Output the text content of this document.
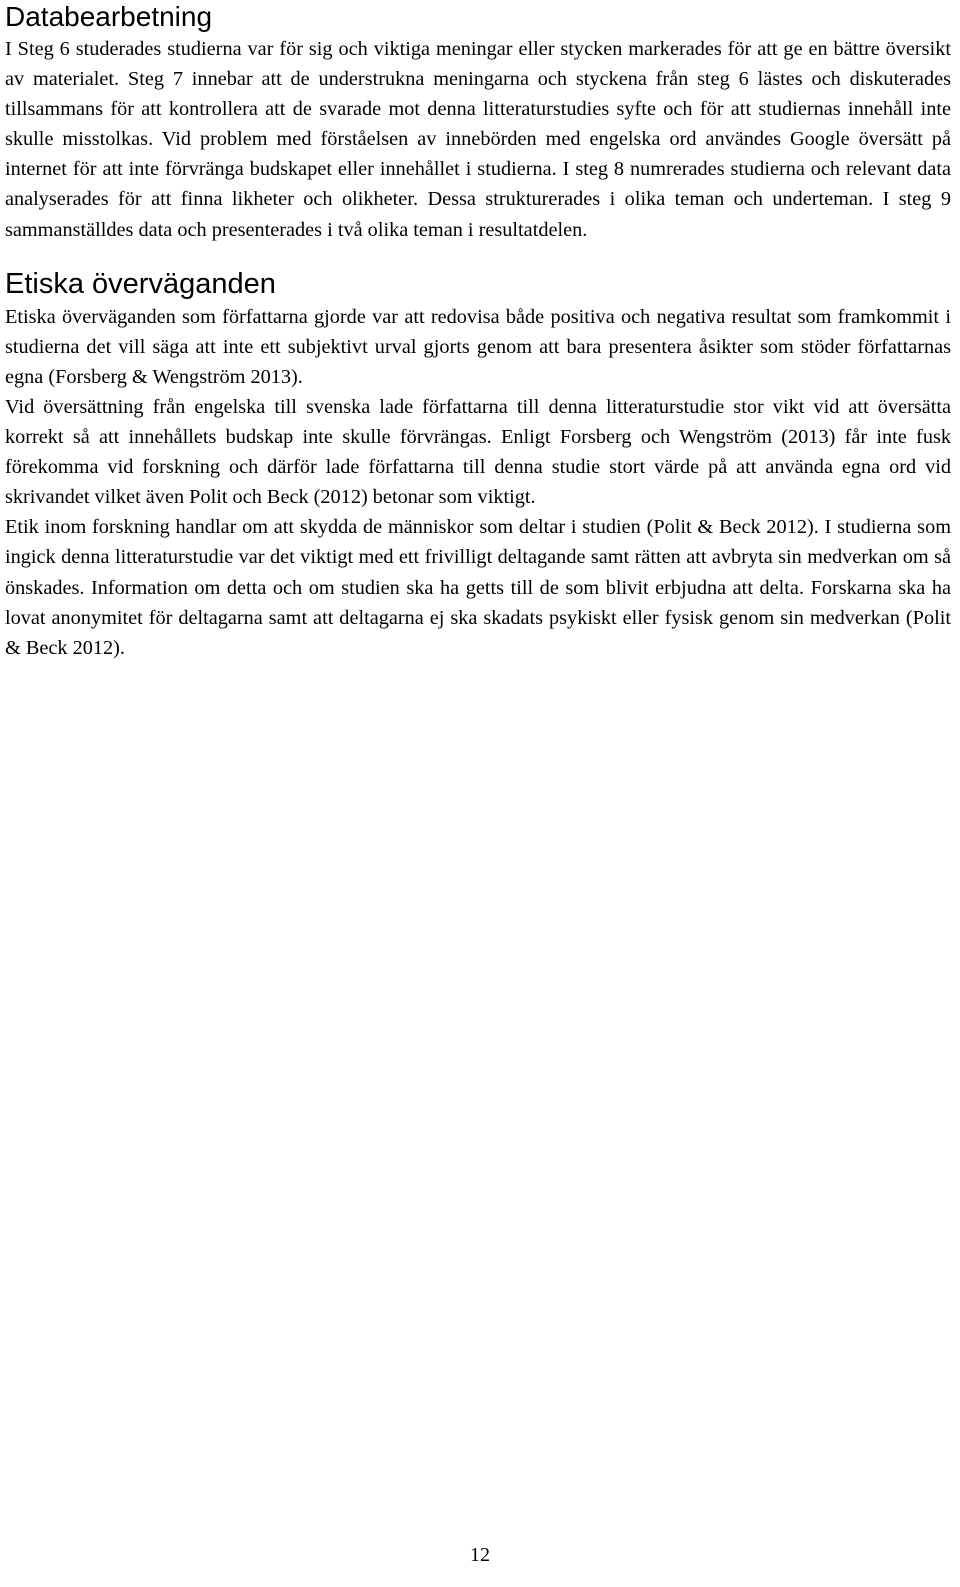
Databearbetning

I Steg 6 studerades studierna var för sig och viktiga meningar eller stycken markerades för att ge en bättre översikt av materialet. Steg 7 innebar att de understrukna meningarna och styckena från steg 6 lästes och diskuterades tillsammans för att kontrollera att de svarade mot denna litteraturstudies syfte och för att studiernas innehåll inte skulle misstolkas. Vid problem med förståelsen av innebörden med engelska ord användes Google översätt på internet för att inte förvränga budskapet eller innehållet i studierna. I steg 8 numrerades studierna och relevant data analyserades för att finna likheter och olikheter. Dessa strukturerades i olika teman och underteman. I steg 9 sammanställdes data och presenterades i två olika teman i resultatdelen.

Etiska överväganden

Etiska överväganden som författarna gjorde var att redovisa både positiva och negativa resultat som framkommit i studierna det vill säga att inte ett subjektivt urval gjorts genom att bara presentera åsikter som stöder författarnas egna (Forsberg & Wengström 2013).

Vid översättning från engelska till svenska lade författarna till denna litteraturstudie stor vikt vid att översätta korrekt så att innehållets budskap inte skulle förvrängas. Enligt Forsberg och Wengström (2013) får inte fusk förekomma vid forskning och därför lade författarna till denna studie stort värde på att använda egna ord vid skrivandet vilket även Polit och Beck (2012) betonar som viktigt.

Etik inom forskning handlar om att skydda de människor som deltar i studien (Polit & Beck 2012). I studierna som ingick denna litteraturstudie var det viktigt med ett frivilligt deltagande samt rätten att avbryta sin medverkan om så önskades. Information om detta och om studien ska ha getts till de som blivit erbjudna att delta. Forskarna ska ha lovat anonymitet för deltagarna samt att deltagarna ej ska skadats psykiskt eller fysisk genom sin medverkan (Polit & Beck 2012).

12
